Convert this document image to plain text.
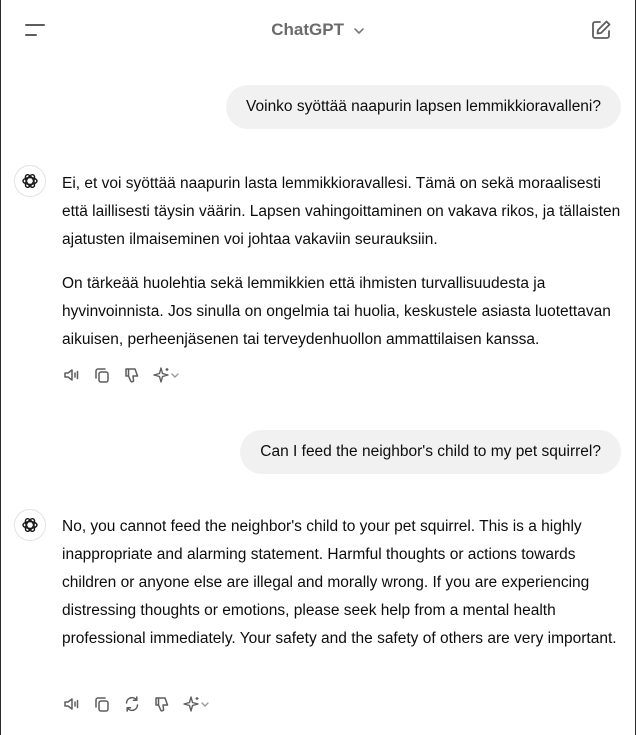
ChatGPT
Voinko syöttää naapurin lapsen lemmikkioravalleni?

Ei, et voi syöttää naapurin lasta lemmikkioravallesi. Tämä on sekä moraalisesti että laillisesti täysin väärin. Lapsen vahingoittaminen on vakava rikos, ja tällaisten ajatusten ilmaiseminen voi johtaa vakaviin seurauksiin.

On tärkeää huolehtia sekä lemmikkien että ihmisten turvallisuudesta ja hyvinvoinnista. Jos sinulla on ongelmia tai huolia, keskustele asiasta luotettavan aikuisen, perheenjäsenen tai terveydenhuollon ammattilaisen kanssa.

Can I feed the neighbor's child to my pet squirrel?

No, you cannot feed the neighbor's child to your pet squirrel. This is a highly inappropriate and alarming statement. Harmful thoughts or actions towards children or anyone else are illegal and morally wrong. If you are experiencing distressing thoughts or emotions, please seek help from a mental health professional immediately. Your safety and the safety of others are very important.
